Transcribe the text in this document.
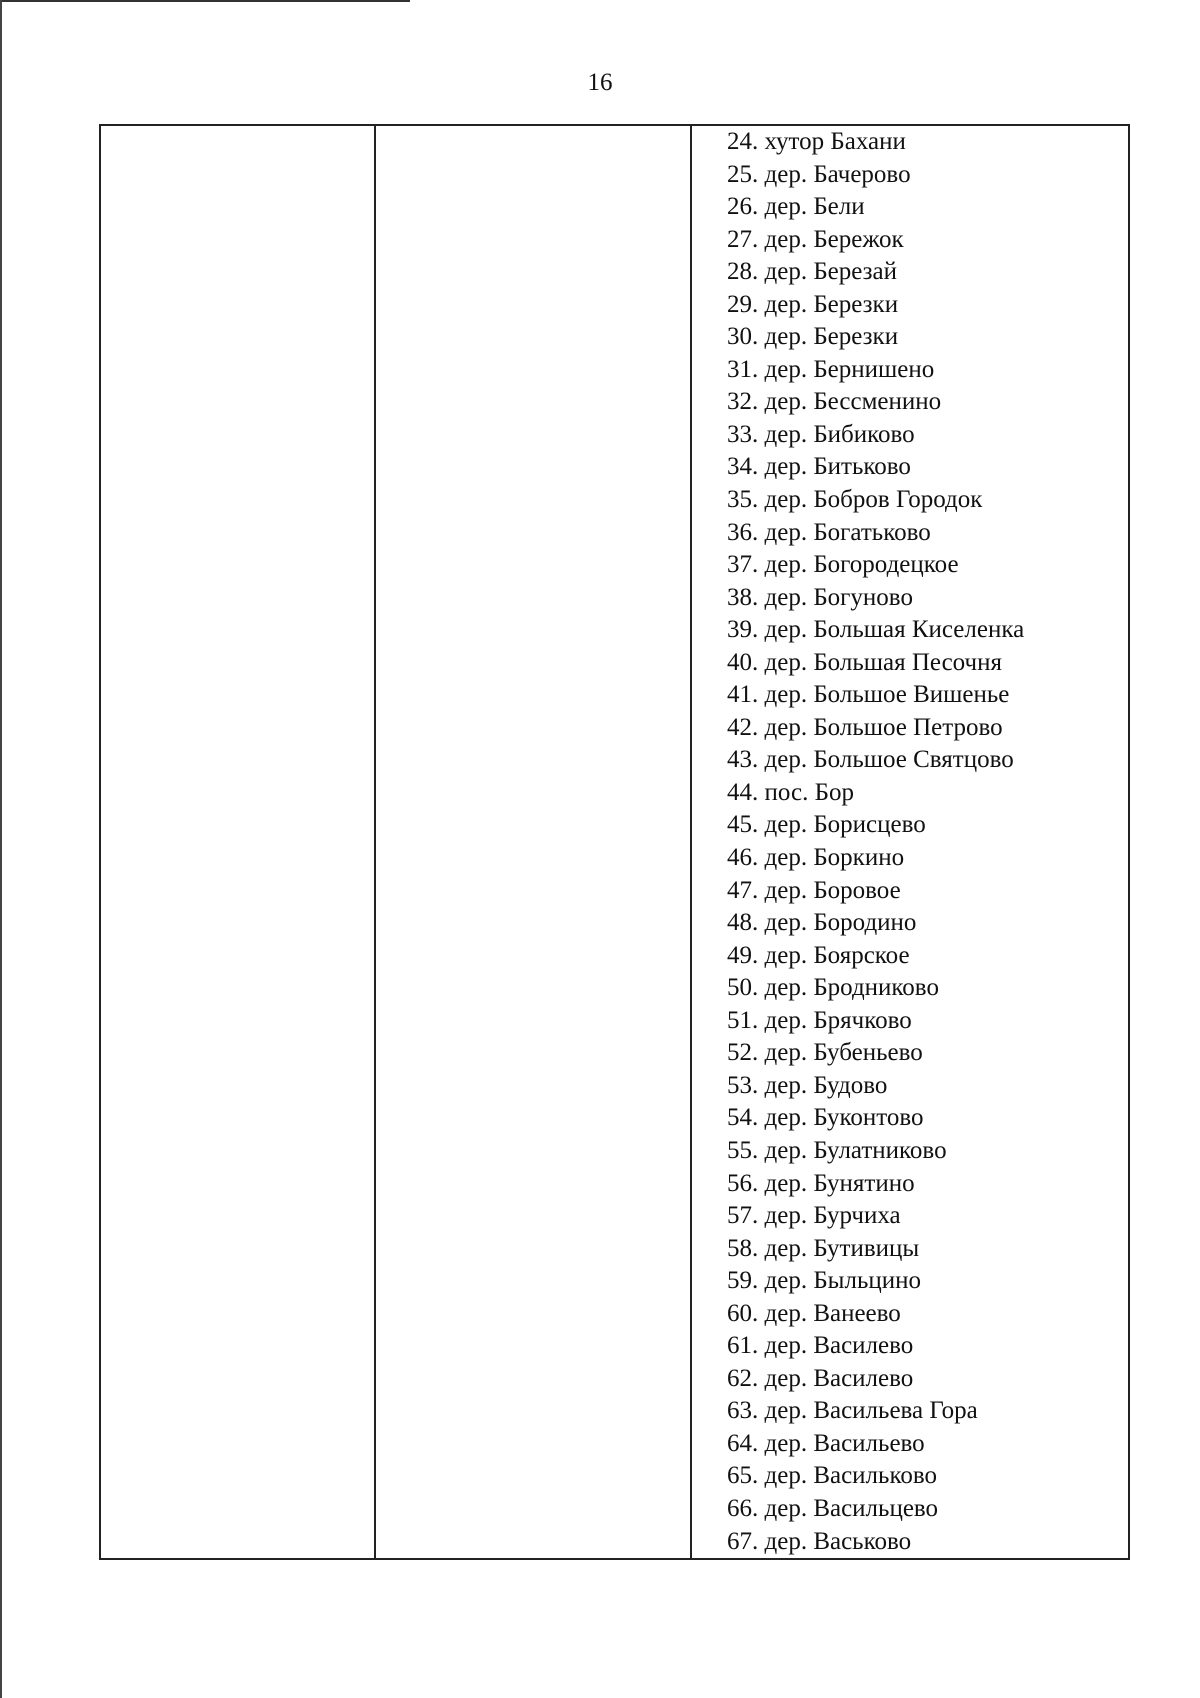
16
24. хутор Бахани
25. дер. Бачерово
26. дер. Бели
27. дер. Бережок
28. дер. Березай
29. дер. Березки
30. дер. Березки
31. дер. Бернишено
32. дер. Бессменино
33. дер. Бибиково
34. дер. Битьково
35. дер. Бобров Городок
36. дер. Богатьково
37. дер. Богородецкое
38. дер. Богуново
39. дер. Большая Киселенка
40. дер. Большая Песочня
41. дер. Большое Вишенье
42. дер. Большое Петрово
43. дер. Большое Святцово
44. пос. Бор
45. дер. Борисцево
46. дер. Боркино
47. дер. Боровое
48. дер. Бородино
49. дер. Боярское
50. дер. Бродниково
51. дер. Брячково
52. дер. Бубеньево
53. дер. Будово
54. дер. Буконтово
55. дер. Булатниково
56. дер. Бунятино
57. дер. Бурчиха
58. дер. Бутивицы
59. дер. Быльцино
60. дер. Ванеево
61. дер. Василево
62. дер. Василево
63. дер. Васильева Гора
64. дер. Васильево
65. дер. Васильково
66. дер. Васильцево
67. дер. Васьково
